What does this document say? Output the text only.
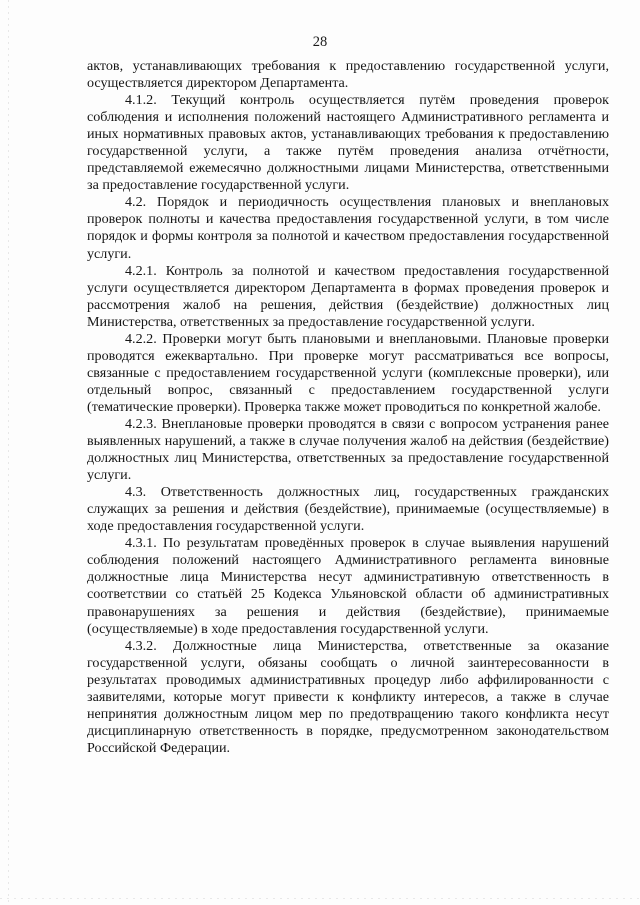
28

актов, устанавливающих требования к предоставлению государственной услуги, осуществляется директором Департамента.

4.1.2. Текущий контроль осуществляется путём проведения проверок соблюдения и исполнения положений настоящего Административного регламента и иных нормативных правовых актов, устанавливающих требования к предоставлению государственной услуги, а также путём проведения анализа отчётности, представляемой ежемесячно должностными лицами Министерства, ответственными за предоставление государственной услуги.

4.2. Порядок и периодичность осуществления плановых и внеплановых проверок полноты и качества предоставления государственной услуги, в том числе порядок и формы контроля за полнотой и качеством предоставления государственной услуги.

4.2.1. Контроль за полнотой и качеством предоставления государственной услуги осуществляется директором Департамента в формах проведения проверок и рассмотрения жалоб на решения, действия (бездействие) должностных лиц Министерства, ответственных за предоставление государственной услуги.

4.2.2. Проверки могут быть плановыми и внеплановыми. Плановые проверки проводятся ежеквартально. При проверке могут рассматриваться все вопросы, связанные с предоставлением государственной услуги (комплексные проверки), или отдельный вопрос, связанный с предоставлением государственной услуги (тематические проверки). Проверка также может проводиться по конкретной жалобе.

4.2.3. Внеплановые проверки проводятся в связи с вопросом устранения ранее выявленных нарушений, а также в случае получения жалоб на действия (бездействие) должностных лиц Министерства, ответственных за предоставление государственной услуги.

4.3. Ответственность должностных лиц, государственных гражданских служащих за решения и действия (бездействие), принимаемые (осуществляемые) в ходе предоставления государственной услуги.

4.3.1. По результатам проведённых проверок в случае выявления нарушений соблюдения положений настоящего Административного регламента виновные должностные лица Министерства несут административную ответственность в соответствии со статьёй 25 Кодекса Ульяновской области об административных правонарушениях за решения и действия (бездействие), принимаемые (осуществляемые) в ходе предоставления государственной услуги.

4.3.2. Должностные лица Министерства, ответственные за оказание государственной услуги, обязаны сообщать о личной заинтересованности в результатах проводимых административных процедур либо аффилированности с заявителями, которые могут привести к конфликту интересов, а также в случае непринятия должностным лицом мер по предотвращению такого конфликта несут дисциплинарную ответственность в порядке, предусмотренном законодательством Российской Федерации.
